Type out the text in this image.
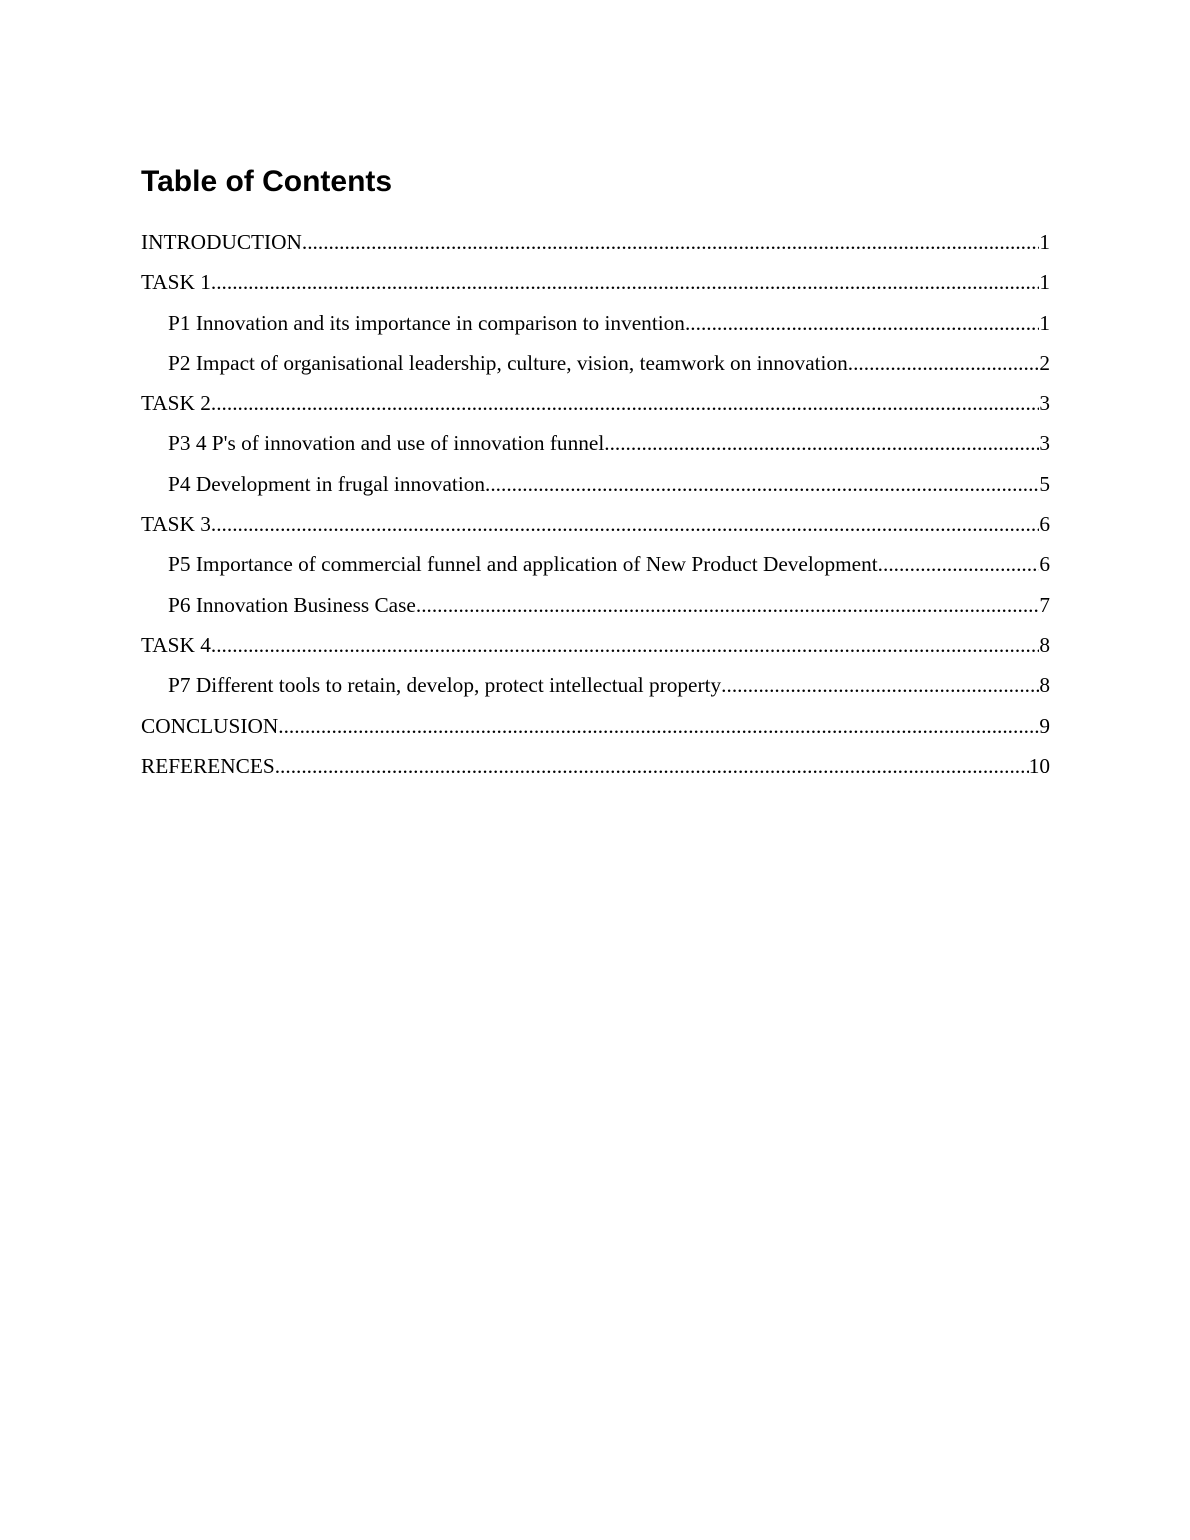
Table of Contents
INTRODUCTION .....	1
TASK 1 .....	1
P1 Innovation and its importance in comparison to invention .....	1
P2 Impact of organisational leadership, culture, vision, teamwork on innovation .....	2
TASK 2 .....	3
P3 4 P's of innovation and use of innovation funnel .....	3
P4 Development in frugal innovation .....	5
TASK 3 .....	6
P5 Importance of commercial funnel and application of New Product Development .....	6
P6 Innovation Business Case .....	7
TASK 4 .....	8
P7 Different tools to retain, develop, protect intellectual property .....	8
CONCLUSION .....	9
REFERENCES .....	10
